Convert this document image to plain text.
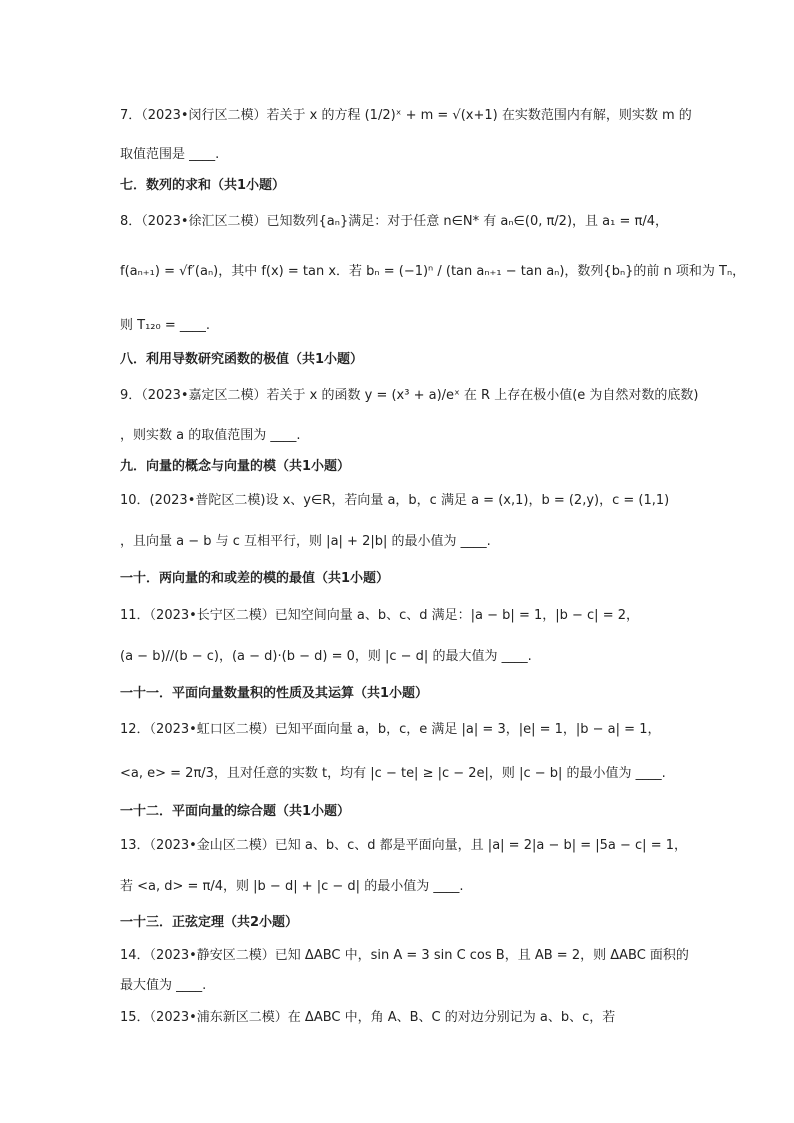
7．（2023•闵行区二模）若关于 x 的方程 (1/2)ˣ + m = √(x+1) 在实数范围内有解，则实数 m 的
取值范围是 ____.
七．数列的求和（共1小题）
8．（2023•徐汇区二模）已知数列{aₙ}满足：对于任意 n∈N* 有 aₙ∈(0, π/2)，且 a₁ = π/4，
f(aₙ₊₁) = √f′(aₙ)，其中 f(x) = tan x．若 bₙ = (−1)ⁿ / (tan aₙ₊₁ − tan aₙ)，数列{bₙ}的前 n 项和为 Tₙ，
则 T₁₂₀ = ____.
八．利用导数研究函数的极值（共1小题）
9．（2023•嘉定区二模）若关于 x 的函数 y = (x³ + a)/eˣ 在 R 上存在极小值(e 为自然对数的底数)
，则实数 a 的取值范围为 ____.
九．向量的概念与向量的模（共1小题）
10．(2023•普陀区二模)设 x、y∈R，若向量 a，b，c 满足 a = (x,1)，b = (2,y)，c = (1,1)
，且向量 a − b 与 c 互相平行，则 |a| + 2|b| 的最小值为 ____.
一十．两向量的和或差的模的最值（共1小题）
11．（2023•长宁区二模）已知空间向量 a、b、c、d 满足：|a − b| = 1，|b − c| = 2，
(a − b)//(b − c)，(a − d)·(b − d) = 0，则 |c − d| 的最大值为 ____.
一十一．平面向量数量积的性质及其运算（共1小题）
12．（2023•虹口区二模）已知平面向量 a，b，c，e 满足 |a| = 3，|e| = 1，|b − a| = 1，
<a, e> = 2π/3，且对任意的实数 t，均有 |c − te| ≥ |c − 2e|，则 |c − b| 的最小值为 ____.
一十二．平面向量的综合题（共1小题）
13．（2023•金山区二模）已知 a、b、c、d 都是平面向量，且 |a| = 2|a − b| = |5a − c| = 1，
若 <a, d> = π/4，则 |b − d| + |c − d| 的最小值为 ____.
一十三．正弦定理（共2小题）
14．（2023•静安区二模）已知 ΔABC 中，sin A = 3 sin C cos B，且 AB = 2，则 ΔABC 面积的
最大值为 ____.
15．（2023•浦东新区二模）在 ΔABC 中，角 A、B、C 的对边分别记为 a、b、c，若
